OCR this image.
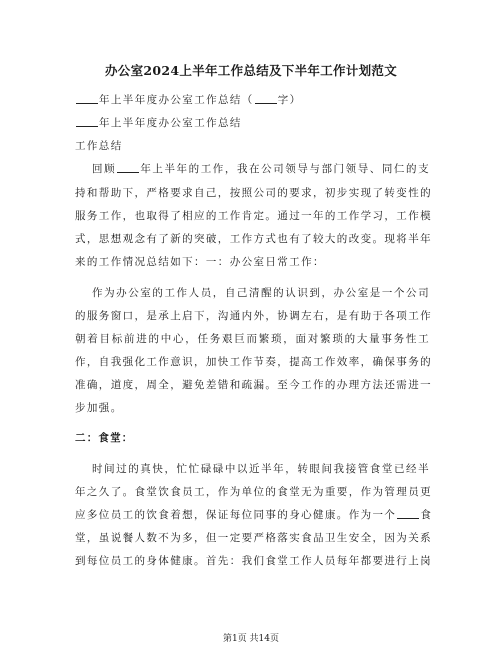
办公室2024上半年工作总结及下半年工作计划范文
年上半年度办公室工作总结（ 字）
年上半年度办公室工作总结
工作总结
回顾 年上半年的工作，我在公司领导与部门领导、同仁的支
持和帮助下，严格要求自己，按照公司的要求，初步实现了转变性的
服务工作，也取得了相应的工作肯定。通过一年的工作学习，工作模
式，思想观念有了新的突破，工作方式也有了较大的改变。现将半年
来的工作情况总结如下：一：办公室日常工作：
作为办公室的工作人员，自己清醒的认识到，办公室是一个公司
的服务窗口，是承上启下，沟通内外，协调左右，是有助于各项工作
朝着目标前进的中心，任务艰巨而繁琐，面对繁琐的大量事务性工
作，自我强化工作意识，加快工作节奏，提高工作效率，确保事务的
准确，道度，周全，避免差错和疏漏。至今工作的办理方法还需进一
步加强。
二：食堂：
时间过的真快，忙忙碌碌中以近半年，转眼间我接管食堂已经半
年之久了。食堂饮食员工，作为单位的食堂无为重要，作为管理员更
应多位员工的饮食着想，保证每位同事的身心健康。作为一个 食
堂，虽说餐人数不为多，但一定要严格落实食品卫生安全，因为关系
到每位员工的身体健康。首先：我们食堂工作人员每年都要进行上岗
第1页 共14页
